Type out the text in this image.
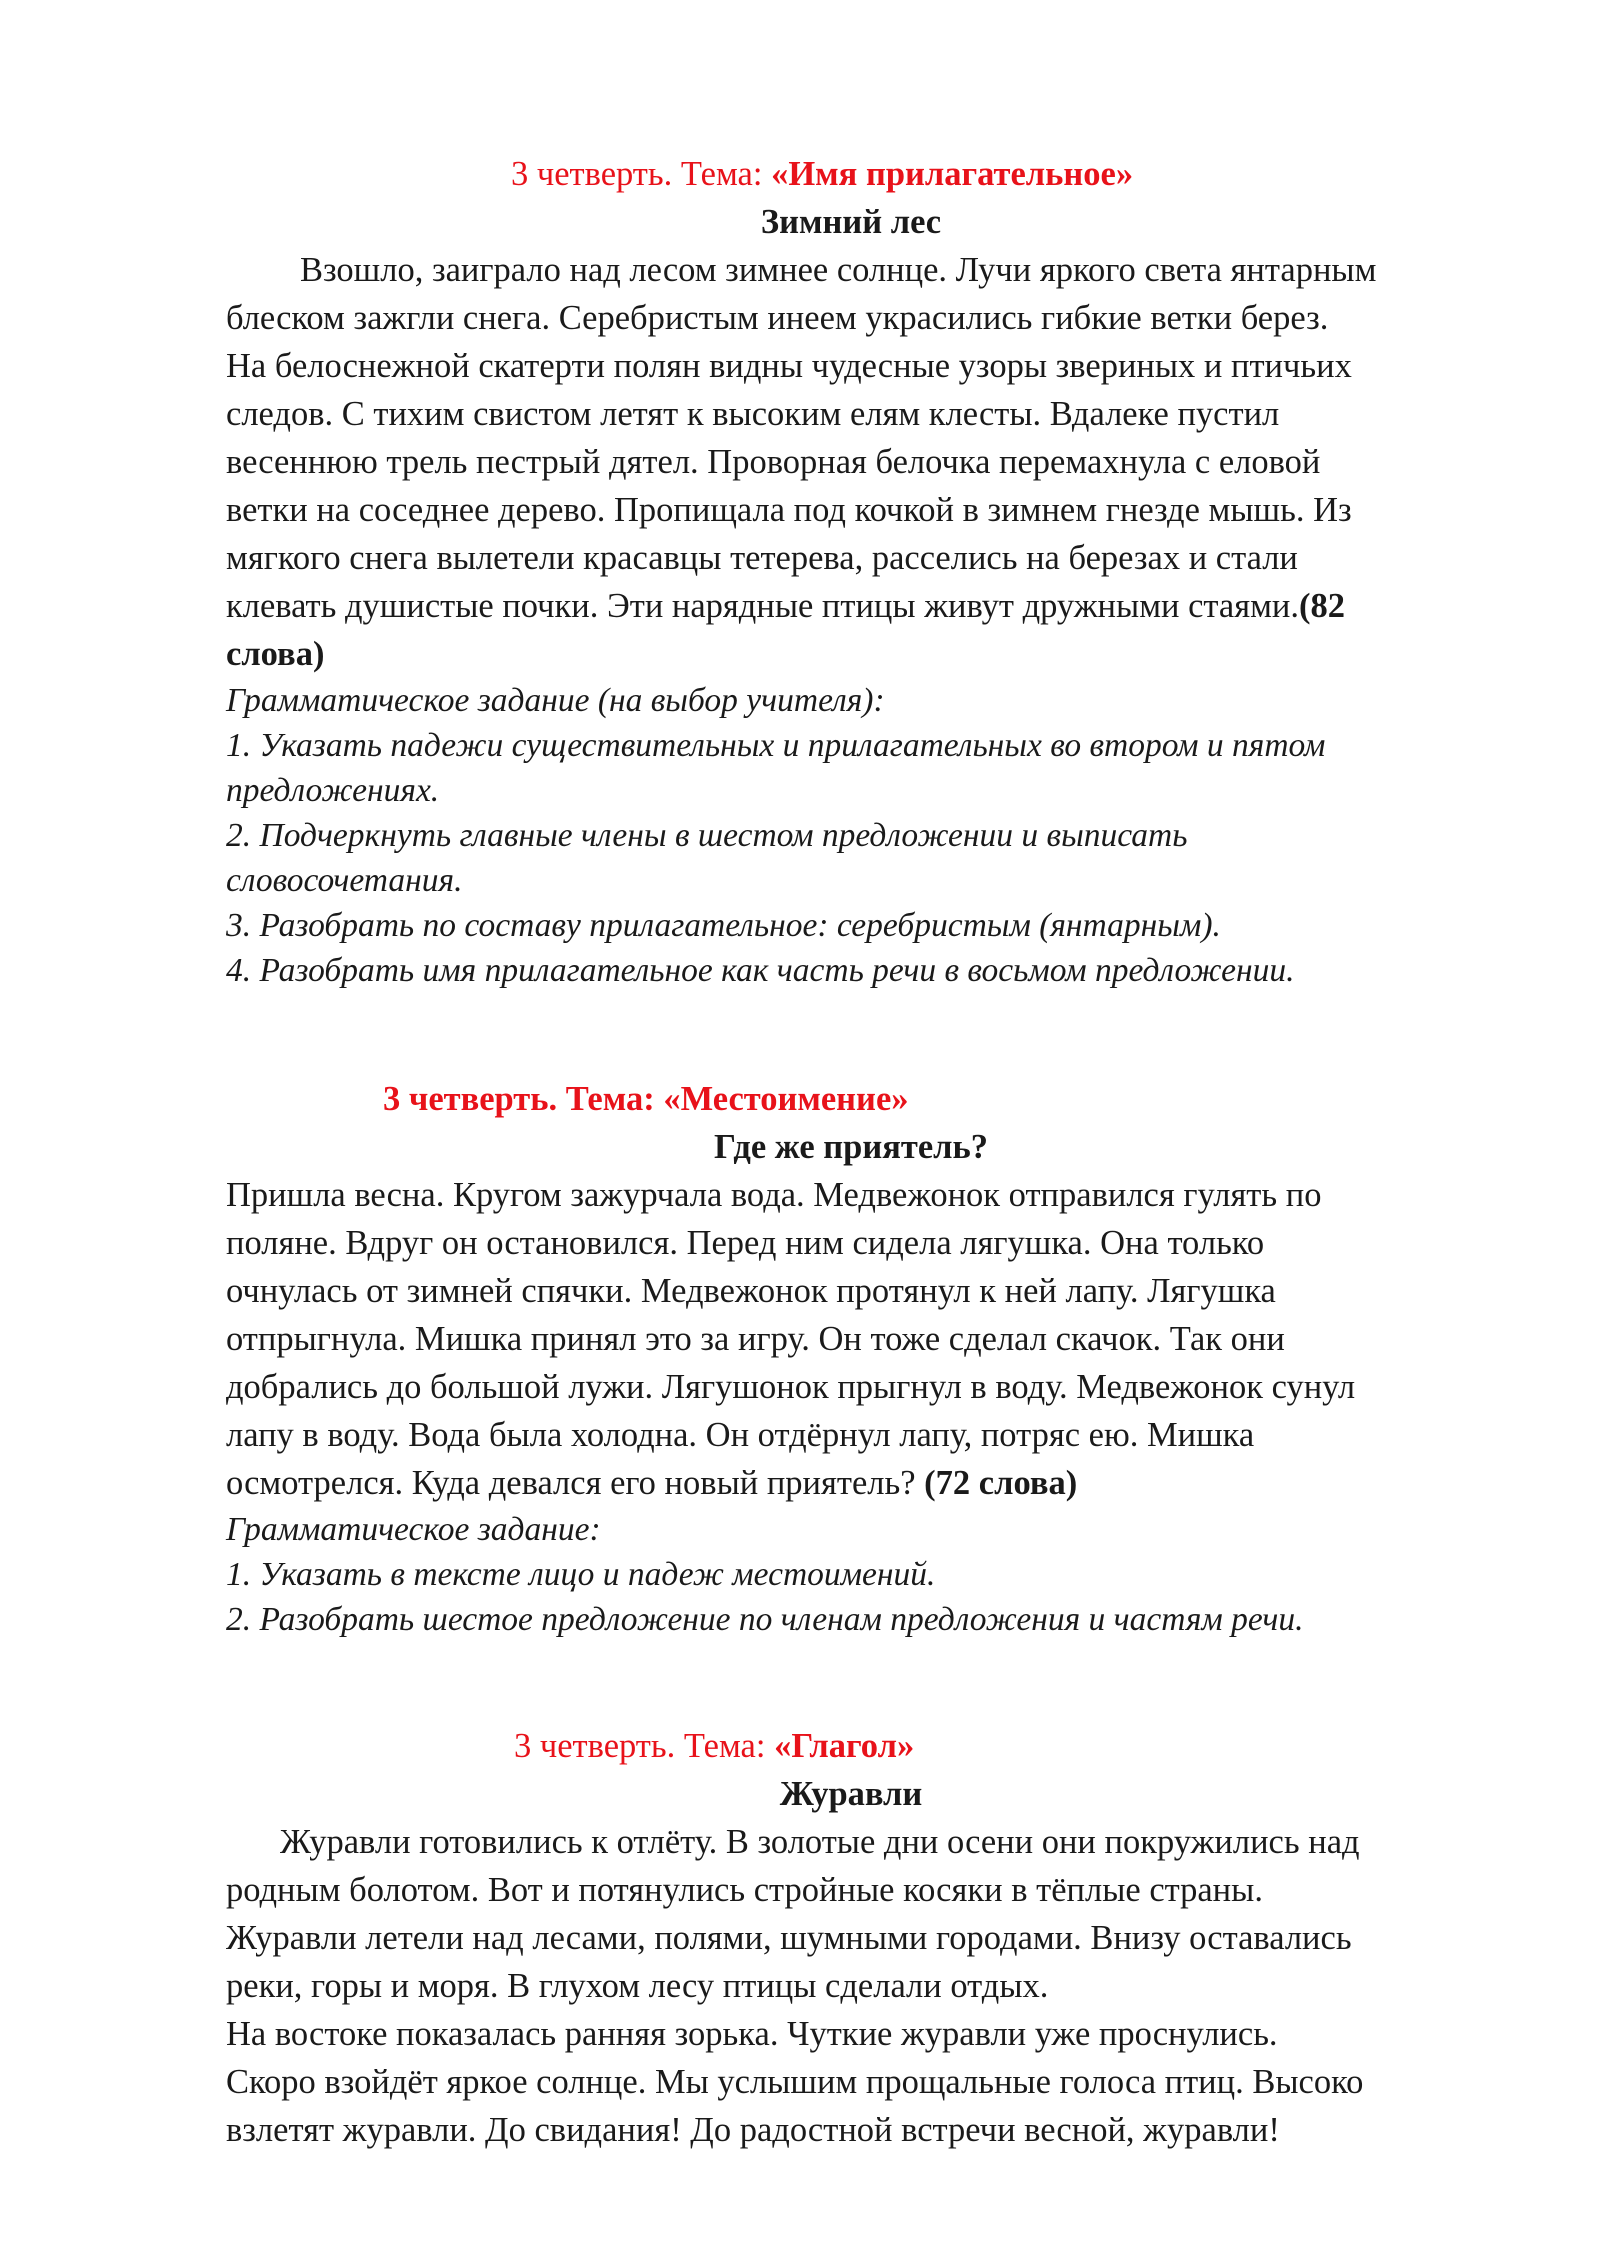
3 четверть. Тема: «Имя прилагательное»
Зимний лес
Взошло, заиграло над лесом зимнее солнце. Лучи яркого света янтарным
блеском зажгли снега. Серебристым инеем украсились гибкие ветки берез.
На белоснежной скатерти полян видны чудесные узоры звериных и птичьих
следов. С тихим свистом летят к высоким елям клесты. Вдалеке пустил
весеннюю трель пестрый дятел. Проворная белочка перемахнула с еловой
ветки на соседнее дерево. Пропищала под кочкой в зимнем гнезде мышь. Из
мягкого снега вылетели красавцы тетерева, расселись на березах и стали
клевать душистые почки. Эти нарядные птицы живут дружными стаями.(82
слова)
Грамматическое задание (на выбор учителя):
1. Указать падежи существительных и прилагательных во втором и пятом
предложениях.
2. Подчеркнуть главные члены в шестом предложении и выписать
словосочетания.
3. Разобрать по составу прилагательное: серебристым (янтарным).
4. Разобрать имя прилагательное как часть речи в восьмом предложении.
3 четверть. Тема: «Местоимение»
Где же приятель?
Пришла весна. Кругом зажурчала вода. Медвежонок отправился гулять по
поляне. Вдруг он остановился. Перед ним сидела лягушка. Она только
очнулась от зимней спячки. Медвежонок протянул к ней лапу. Лягушка
отпрыгнула. Мишка принял это за игру. Он тоже сделал скачок. Так они
добрались до большой лужи. Лягушонок прыгнул в воду. Медвежонок сунул
лапу в воду. Вода была холодна. Он отдёрнул лапу, потряс ею. Мишка
осмотрелся. Куда девался его новый приятель? (72 слова)
Грамматическое задание:
1. Указать в тексте лицо и падеж местоимений.
2. Разобрать шестое предложение по членам предложения и частям речи.
3 четверть. Тема: «Глагол»
Журавли
Журавли готовились к отлёту. В золотые дни осени они покружились над
родным болотом. Вот и потянулись стройные косяки в тёплые страны.
Журавли летели над лесами, полями, шумными городами. Внизу оставались
реки, горы и моря. В глухом лесу птицы сделали отдых.
На востоке показалась ранняя зорька. Чуткие журавли уже проснулись.
Скоро взойдёт яркое солнце. Мы услышим прощальные голоса птиц. Высоко
взлетят журавли. До свидания! До радостной встречи весной, журавли!
